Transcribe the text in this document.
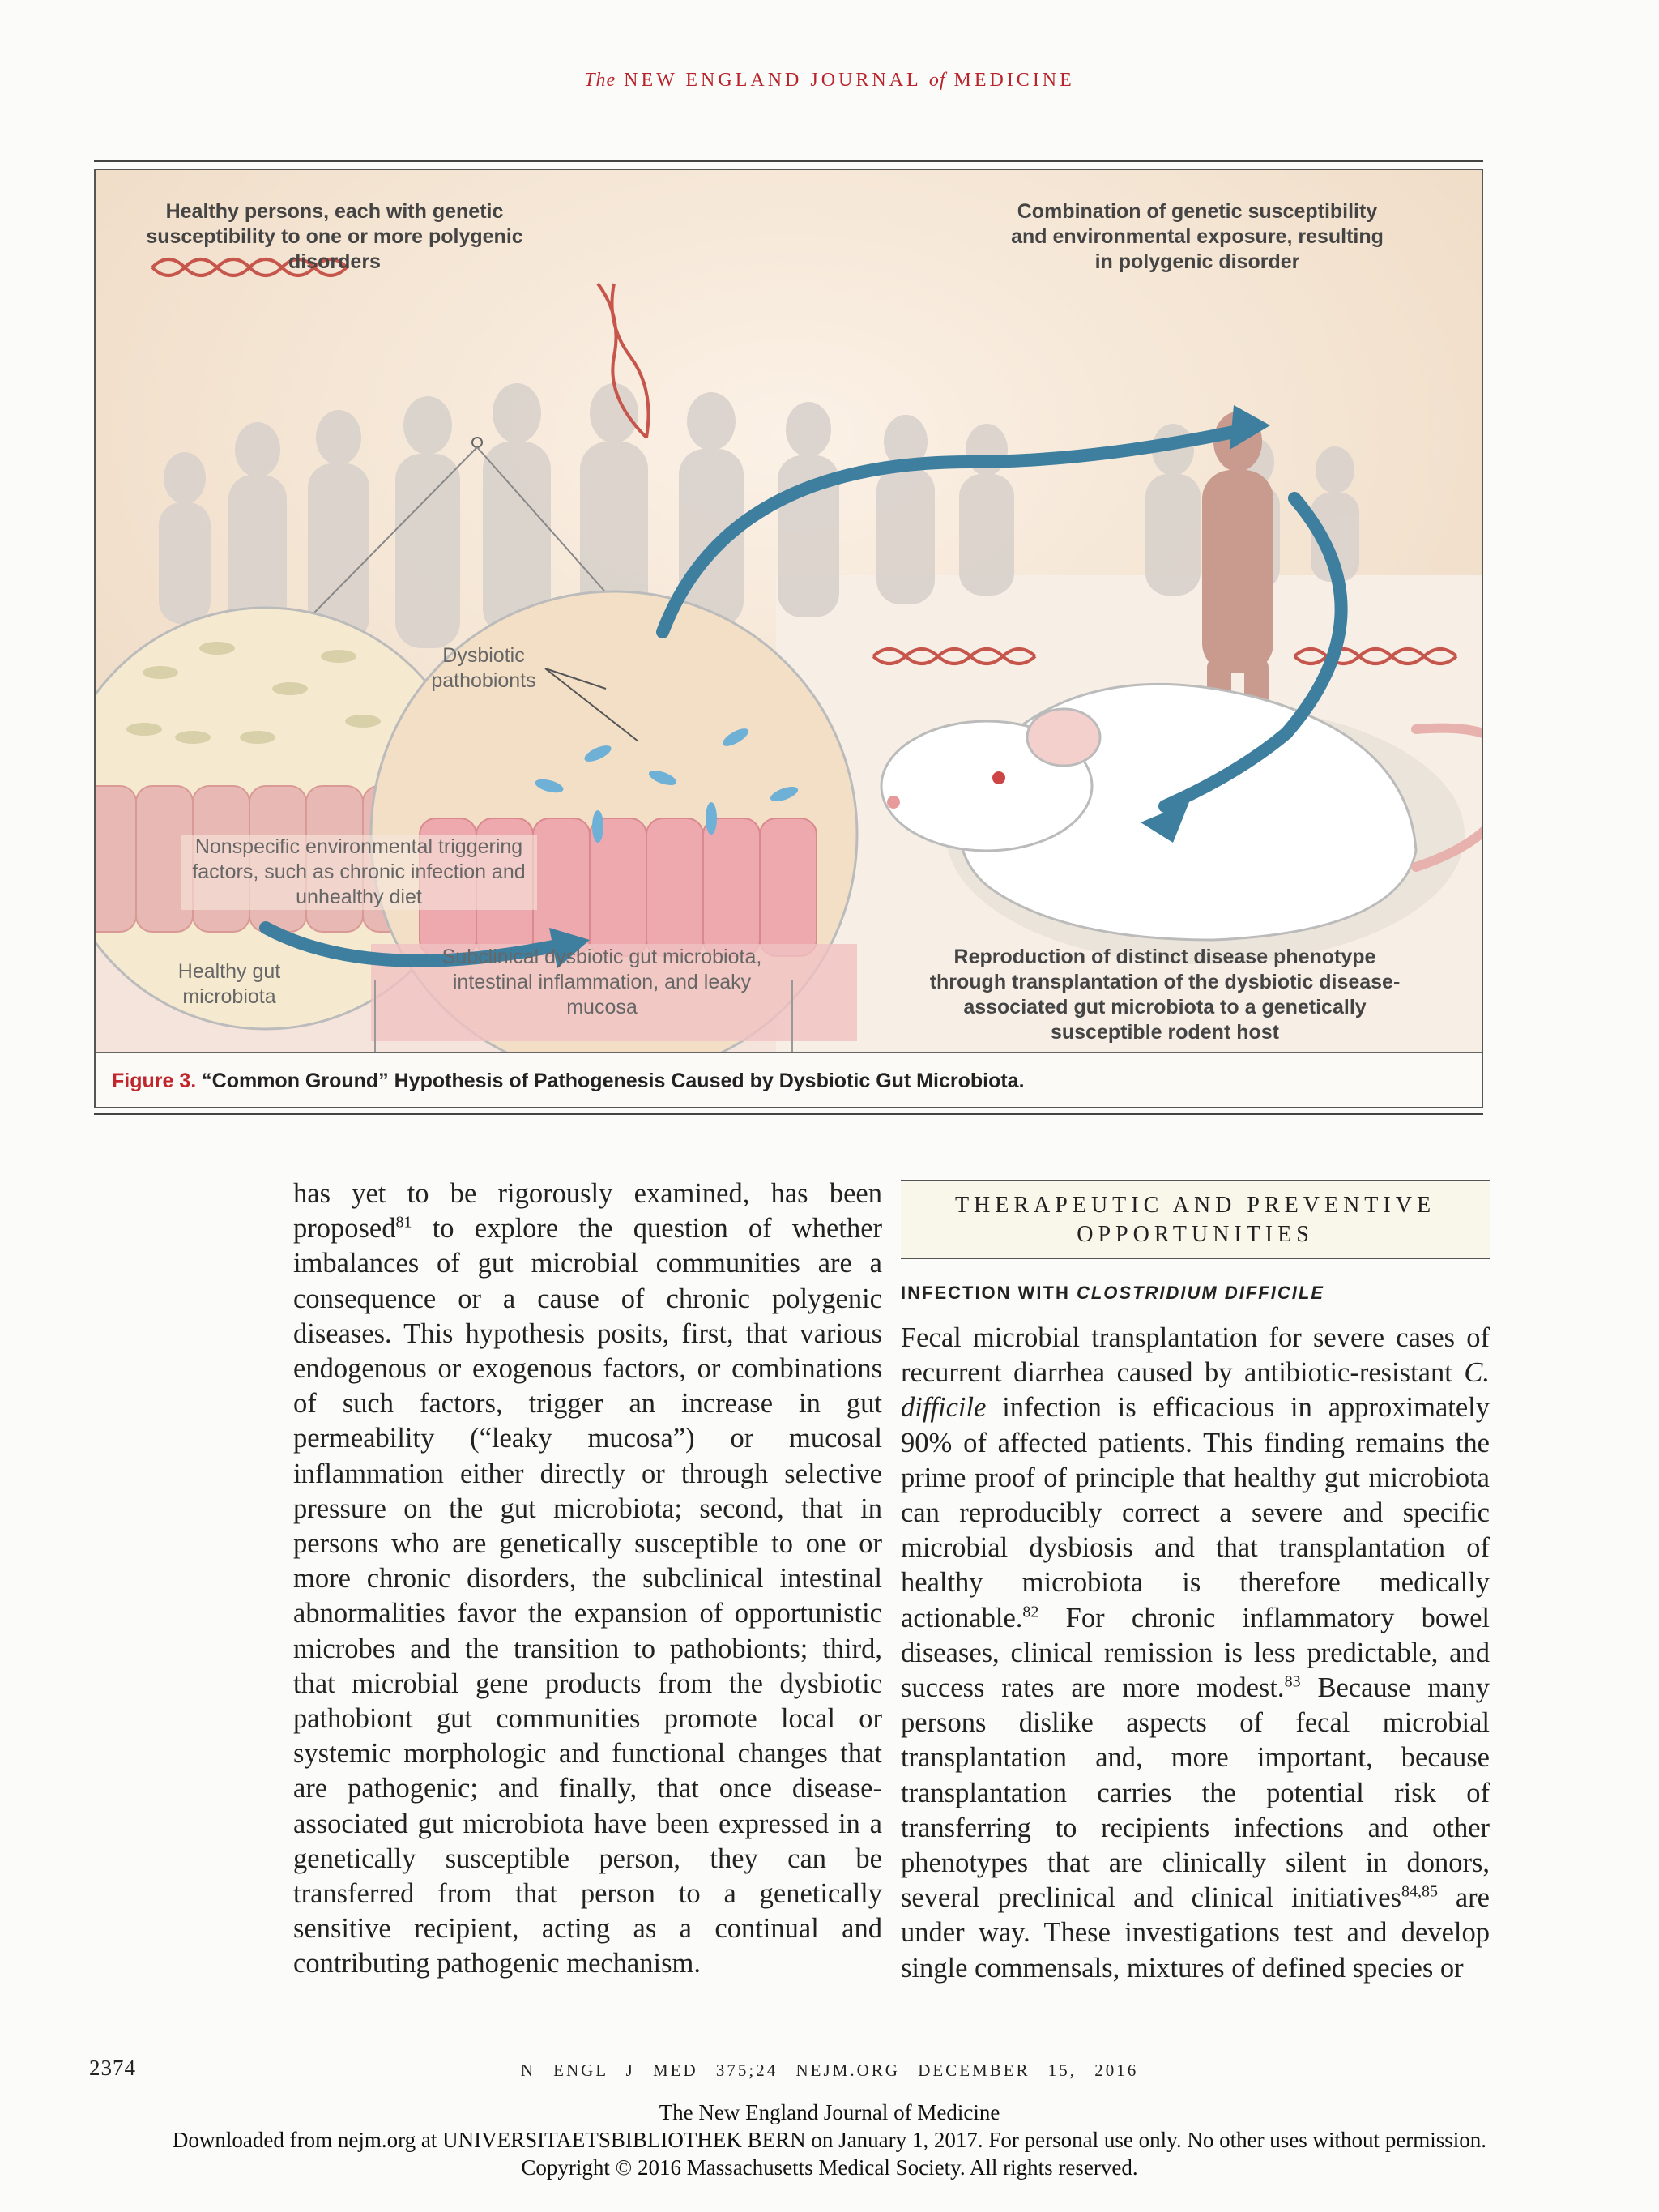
The NEW ENGLAND JOURNAL of MEDICINE
Healthy persons, each with genetic susceptibility to one or more polygenic disorders
Combination of genetic susceptibility and environmental exposure, resulting in polygenic disorder
Dysbiotic pathobionts
Nonspecific environmental triggering factors, such as chronic infection and unhealthy diet
Healthy gut microbiota
Subclinical dysbiotic gut microbiota, intestinal inflammation, and leaky mucosa
Reproduction of distinct disease phenotype through transplantation of the dysbiotic disease-associated gut microbiota to a genetically susceptible rodent host
Figure 3. “Common Ground” Hypothesis of Pathogenesis Caused by Dysbiotic Gut Microbiota.

has yet to be rigorously examined, has been proposed$^{81}$ to explore the question of whether imbalances of gut microbial communities are a consequence or a cause of chronic polygenic diseases. This hypothesis posits, first, that various endogenous or exogenous factors, or combinations of such factors, trigger an increase in gut permeability (“leaky mucosa”) or mucosal inflammation either directly or through selective pressure on the gut microbiota; second, that in persons who are genetically susceptible to one or more chronic disorders, the subclinical intestinal abnormalities favor the expansion of opportunistic microbes and the transition to pathobionts; third, that microbial gene products from the dysbiotic pathobiont gut communities promote local or systemic morphologic and functional changes that are pathogenic; and finally, that once disease-associated gut microbiota have been expressed in a genetically susceptible person, they can be transferred from that person to a genetically sensitive recipient, acting as a continual and contributing pathogenic mechanism.

THERAPEUTIC AND PREVENTIVE OPPORTUNITIES
INFECTION WITH CLOSTRIDIUM DIFFICILE

Fecal microbial transplantation for severe cases of recurrent diarrhea caused by antibiotic-resistant C. difficile infection is efficacious in approximately 90% of affected patients. This finding remains the prime proof of principle that healthy gut microbiota can reproducibly correct a severe and specific microbial dysbiosis and that transplantation of healthy microbiota is therefore medically actionable.$^{82}$ For chronic inflammatory bowel diseases, clinical remission is less predictable, and success rates are more modest.$^{83}$ Because many persons dislike aspects of fecal microbial transplantation and, more important, because transplantation carries the potential risk of transferring to recipients infections and other phenotypes that are clinically silent in donors, several preclinical and clinical initiatives$^{84,85}$ are under way. These investigations test and develop single commensals, mixtures of defined species or

2374	N ENGL J MED 375;24 NEJM.ORG DECEMBER 15, 2016
The New England Journal of Medicine
Downloaded from nejm.org at UNIVERSITAETSBIBLIOTHEK BERN on January 1, 2017. For personal use only. No other uses without permission.
Copyright © 2016 Massachusetts Medical Society. All rights reserved.
